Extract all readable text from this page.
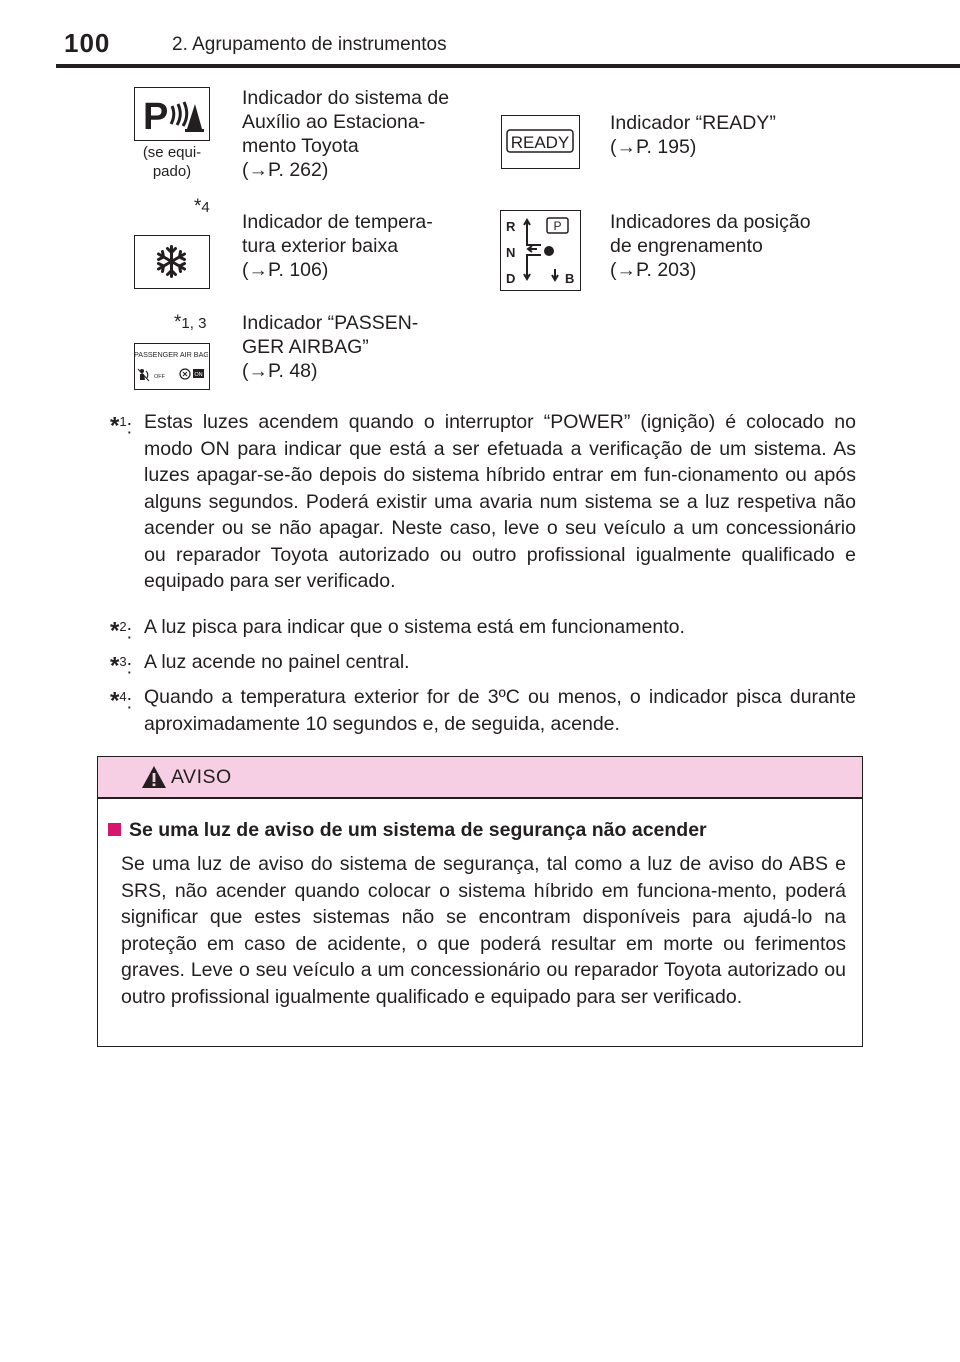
100	2. Agrupamento de instrumentos
P
(se equi-
pado)
Indicador do sistema de
Auxílio ao Estaciona-
mento Toyota
(→P. 262)
READY
Indicador “READY”
(→P. 195)
*4
Indicador de tempera-
tura exterior baixa
(→P. 106)
R
N
D
P
B
Indicadores da posição
de engrenamento
(→P. 203)
*1, 3
PASSENGER AIR BAG
OFF	ON
Indicador “PASSEN-
GER AIRBAG”
(→P. 48)
*$^1$: Estas luzes acendem quando o interruptor “POWER” (ignição) é colocado no modo ON para indicar que está a ser efetuada a verificação de um sistema. As luzes apagar-se-ão depois do sistema híbrido entrar em fun-cionamento ou após alguns segundos. Poderá existir uma avaria num sistema se a luz respetiva não acender ou se não apagar. Neste caso, leve o seu veículo a um concessionário ou reparador Toyota autorizado ou outro profissional igualmente qualificado e equipado para ser verificado.
*$^2$: A luz pisca para indicar que o sistema está em funcionamento.
*$^3$: A luz acende no painel central.
*$^4$: Quando a temperatura exterior for de 3ºC ou menos, o indicador pisca durante aproximadamente 10 segundos e, de seguida, acende.
AVISO
Se uma luz de aviso de um sistema de segurança não acender
Se uma luz de aviso do sistema de segurança, tal como a luz de aviso do ABS e SRS, não acender quando colocar o sistema híbrido em funciona-mento, poderá significar que estes sistemas não se encontram disponíveis para ajudá-lo na proteção em caso de acidente, o que poderá resultar em morte ou ferimentos graves. Leve o seu veículo a um concessionário ou reparador Toyota autorizado ou outro profissional igualmente qualificado e equipado para ser verificado.
